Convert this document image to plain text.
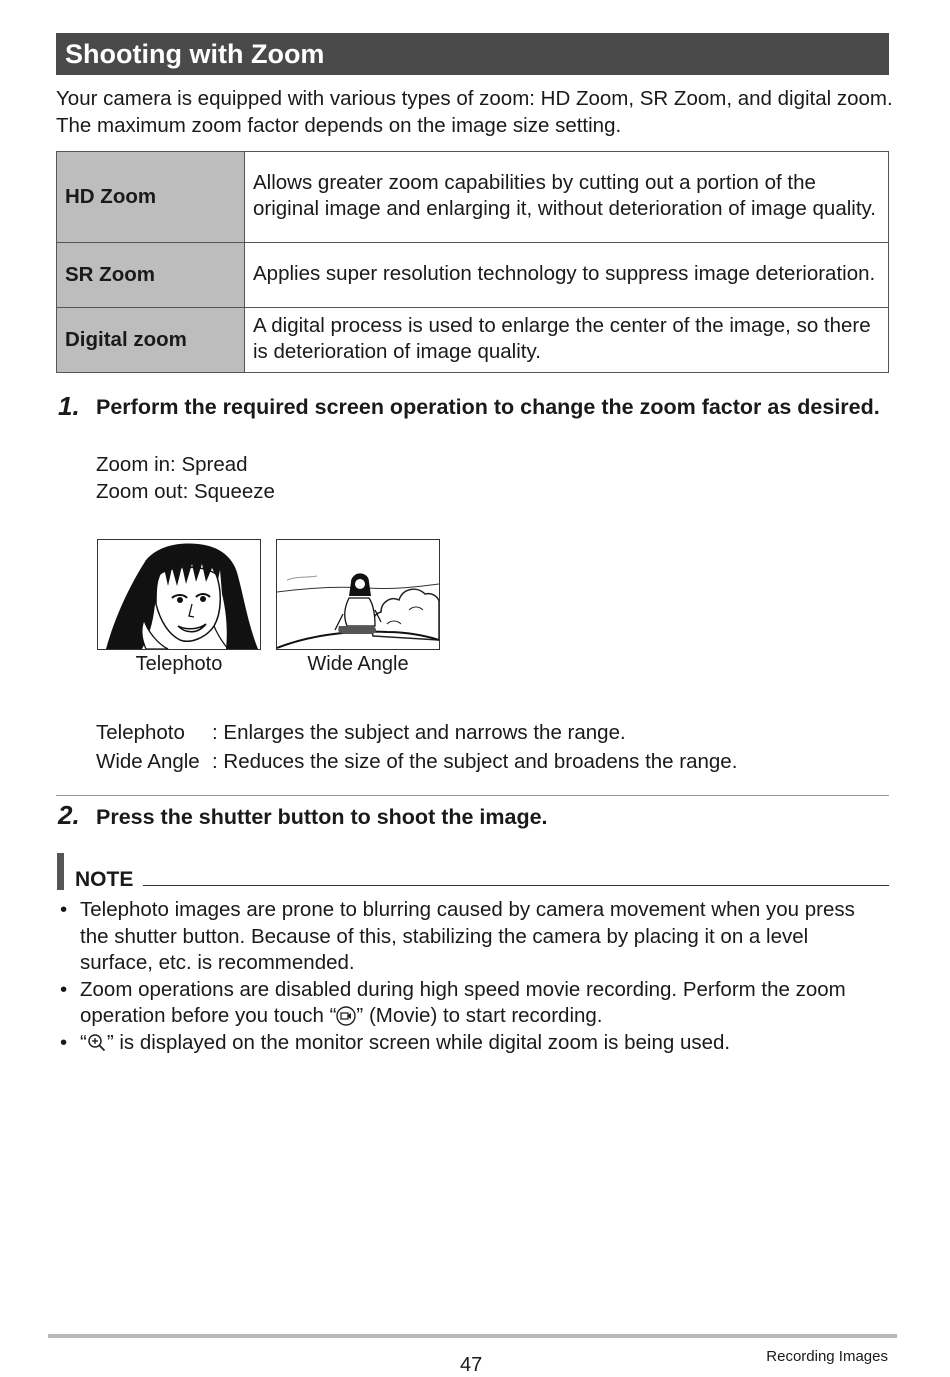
Shooting with Zoom
Your camera is equipped with various types of zoom: HD Zoom, SR Zoom, and digital zoom. The maximum zoom factor depends on the image size setting.
HD Zoom	Allows greater zoom capabilities by cutting out a portion of the original image and enlarging it, without deterioration of image quality.
SR Zoom	Applies super resolution technology to suppress image deterioration.
Digital zoom	A digital process is used to enlarge the center of the image, so there is deterioration of image quality.
1. Perform the required screen operation to change the zoom factor as desired.
Zoom in: Spread
Zoom out: Squeeze
Telephoto	Wide Angle
Telephoto : Enlarges the subject and narrows the range.
Wide Angle : Reduces the size of the subject and broadens the range.
2. Press the shutter button to shoot the image.
NOTE
• Telephoto images are prone to blurring caused by camera movement when you press the shutter button. Because of this, stabilizing the camera by placing it on a level surface, etc. is recommended.
• Zoom operations are disabled during high speed movie recording. Perform the zoom operation before you touch “ ” (Movie) to start recording.
• “ ” is displayed on the monitor screen while digital zoom is being used.
47	Recording Images
